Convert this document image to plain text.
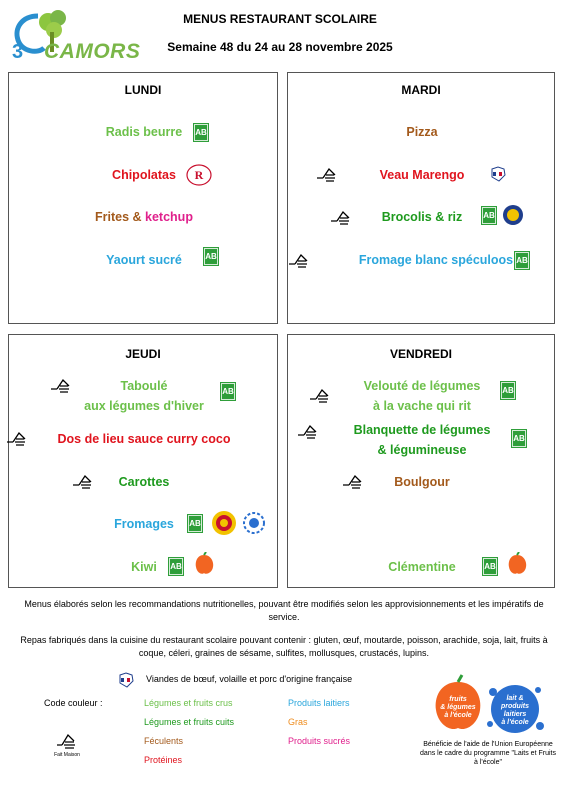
3 CAMORS
MENUS RESTAURANT SCOLAIRE
Semaine 48 du 24 au 28 novembre 2025
LUNDI
Radis beurre
Chipolatas
Frites & ketchup
Yaourt sucré
AB
R
AB
MARDI
Pizza
Veau Marengo
Brocolis & riz
Fromage blanc spéculoos
AB
AB
JEUDI
Taboulé
aux légumes d'hiver
Dos de lieu sauce curry coco
Carottes
Fromages
Kiwi
AB
AB
AB
VENDREDI
Velouté de légumes
à la vache qui rit
Blanquette de légumes
& légumineuse
Boulgour
Clémentine
AB
AB
AB
Menus élaborés selon les recommandations nutritionelles, pouvant être modifiés selon les approvisionnements et les impératifs de service.
Repas fabriqués dans la cuisine du restaurant scolaire pouvant contenir : gluten, œuf, moutarde, poisson, arachide, soja, lait, fruits à coque, céleri, graines de sésame, sulfites, mollusques, crustacés, lupins.
Viandes de bœuf, volaille et porc d'origine française
Code couleur :	Légumes et fruits crus
Légumes et fruits cuits
Féculents
Protéines
Produits laitiers
Gras
Produits sucrés
Fait Maison
fruits
& légumes
à l'école
lait &
produits
laitiers
à l'école
Bénéficie de l'aide de l'Union Européenne dans le cadre du programme "Laits et Fruits à l'école"
